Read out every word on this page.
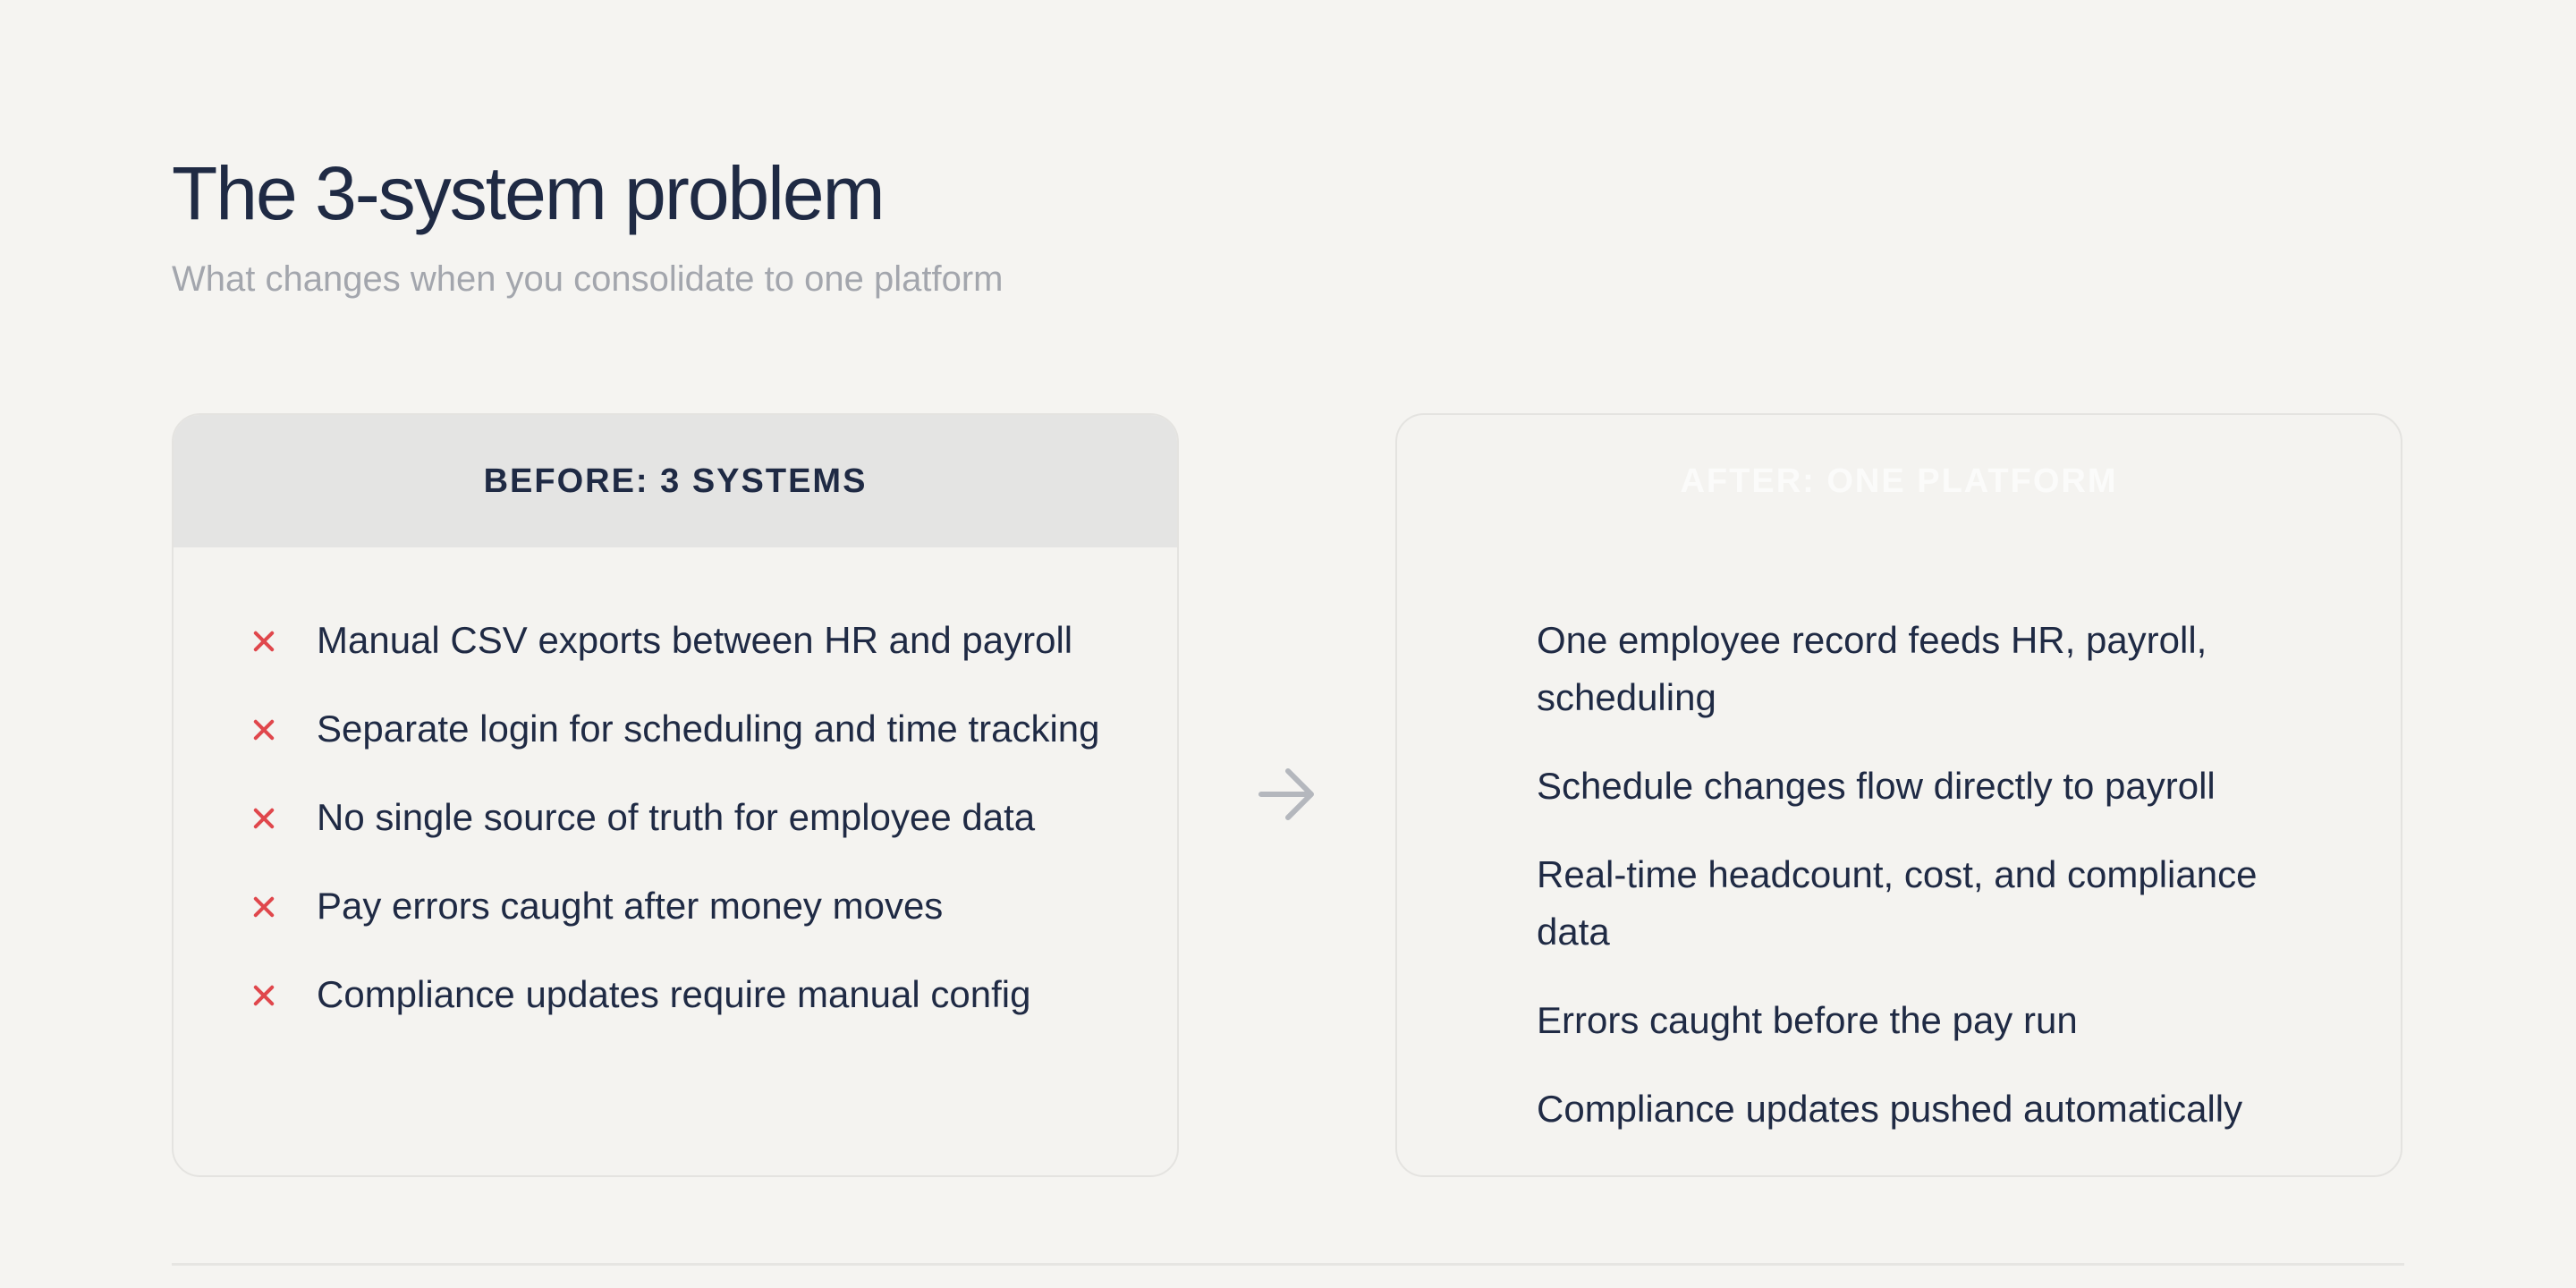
The 3-system problem

What changes when you consolidate to one platform

BEFORE: 3 SYSTEMS
Manual CSV exports between HR and payroll
Separate login for scheduling and time tracking
No single source of truth for employee data
Pay errors caught after money moves
Compliance updates require manual config
AFTER: ONE PLATFORM
One employee record feeds HR, payroll, scheduling
Schedule changes flow directly to payroll
Real-time headcount, cost, and compliance data
Errors caught before the pay run
Compliance updates pushed automatically
